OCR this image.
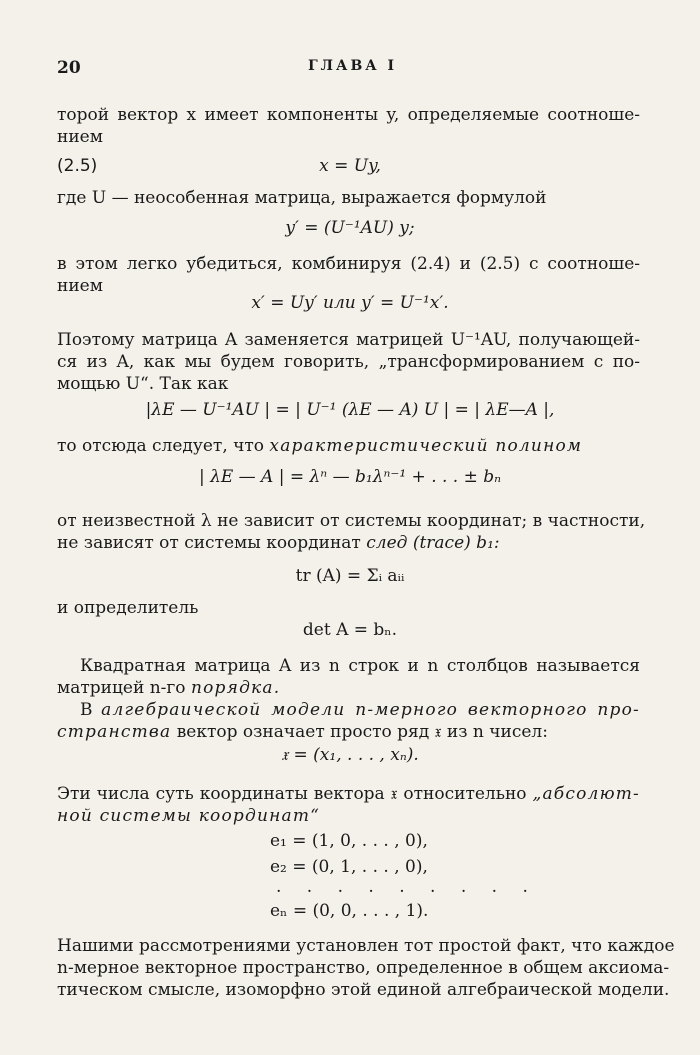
20	ГЛАВА I
торой вектор x имеет компоненты y, определяемые соотноше-
нием
(2.5)	x = Uy,
где U — неособенная матрица, выражается формулой
y′ = (U⁻¹AU) y;
в этом легко убедиться, комбинируя (2.4) и (2.5) с соотноше-
нием
x′ = Uy′ или y′ = U⁻¹x′.
Поэтому матрица A заменяется матрицей U⁻¹AU, получающей-
ся из A, как мы будем говорить, „трансформированием с по-
мощью U“. Так как
|λE — U⁻¹AU | = | U⁻¹ (λE — A) U | = | λE—A |,
то отсюда следует, что характеристический полином
| λE — A | = λⁿ — b₁λⁿ⁻¹ + . . . ± bₙ
от неизвестной λ не зависит от системы координат; в частности,
не зависят от системы координат след (trace) b₁:
tr (A) = Σᵢ aᵢᵢ
и определитель
det A = bₙ.
Квадратная матрица A из n строк и n столбцов называется
матрицей n-го порядка.
В алгебраической модели n-мерного векторного про-
странства вектор означает просто ряд 𝔵 из n чисел:
𝔵 = (x₁, . . . , xₙ).
Эти числа суть координаты вектора 𝔵 относительно „абсолют-
ной системы координат“
e₁ = (1, 0, . . . , 0),
e₂ = (0, 1, . . . , 0),
. . . . . . . . .
eₙ = (0, 0, . . . , 1).
Нашими рассмотрениями установлен тот простой факт, что каждое
n-мерное векторное пространство, определенное в общем аксиома-
тическом смысле, изоморфно этой единой алгебраической модели.
